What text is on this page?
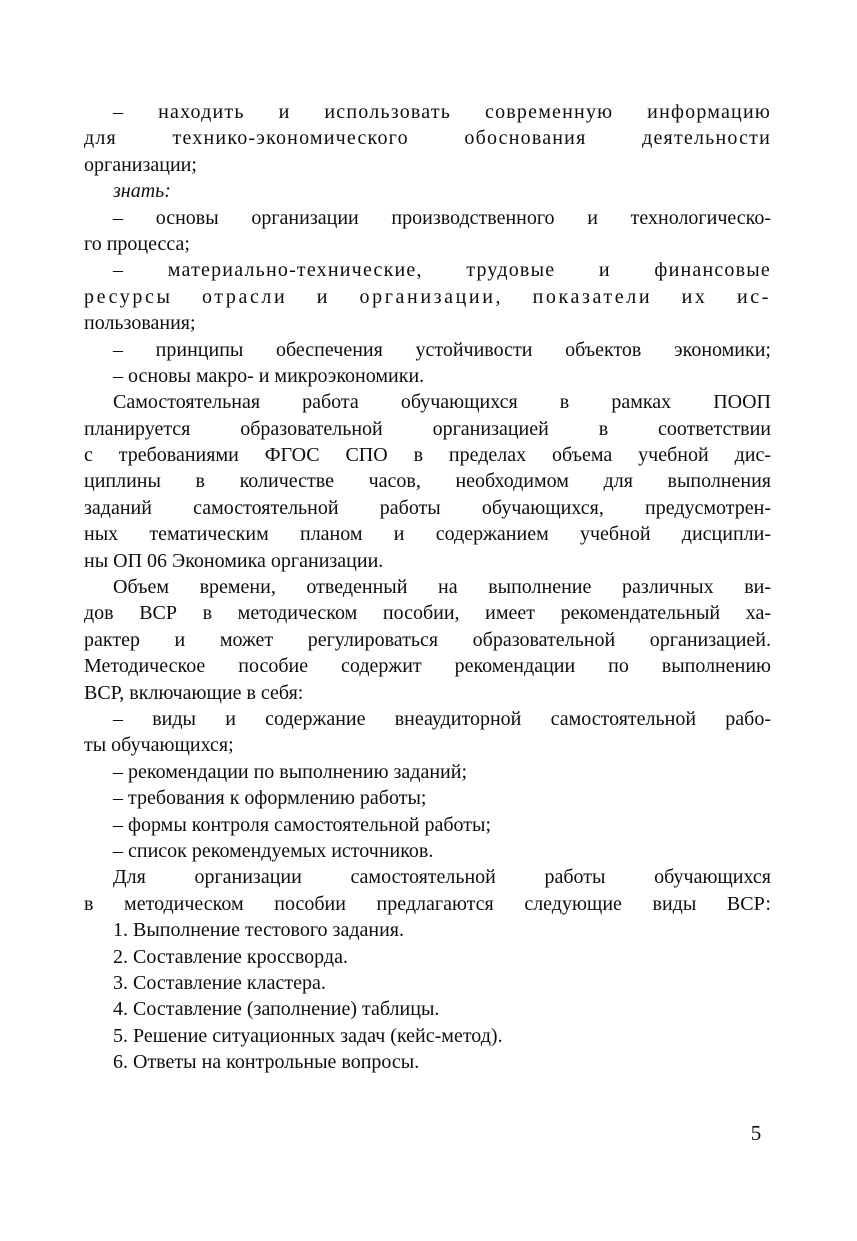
– находить и использовать современную информацию
для технико-экономического обоснования деятельности
организации;
знать:
– основы организации производственного и технологическо-
го процесса;
– материально-технические, трудовые и финансовые
ресурсы отрасли и организации, показатели их ис-
пользования;
– принципы обеспечения устойчивости объектов экономики;
– основы макро- и микроэкономики.
Самостоятельная работа обучающихся в рамках ПООП
планируется образовательной организацией в соответствии
с требованиями ФГОС СПО в пределах объема учебной дис-
циплины в количестве часов, необходимом для выполнения
заданий самостоятельной работы обучающихся, предусмотрен-
ных тематическим планом и содержанием учебной дисципли-
ны ОП 06 Экономика организации.
Объем времени, отведенный на выполнение различных ви-
дов ВСР в методическом пособии, имеет рекомендательный ха-
рактер и может регулироваться образовательной организацией.
Методическое пособие содержит рекомендации по выполнению
ВСР, включающие в себя:
– виды и содержание внеаудиторной самостоятельной рабо-
ты обучающихся;
– рекомендации по выполнению заданий;
– требования к оформлению работы;
– формы контроля самостоятельной работы;
– список рекомендуемых источников.
Для организации самостоятельной работы обучающихся
в методическом пособии предлагаются следующие виды ВСР:
1. Выполнение тестового задания.
2. Составление кроссворда.
3. Составление кластера.
4. Составление (заполнение) таблицы.
5. Решение ситуационных задач (кейс-метод).
6. Ответы на контрольные вопросы.
5
